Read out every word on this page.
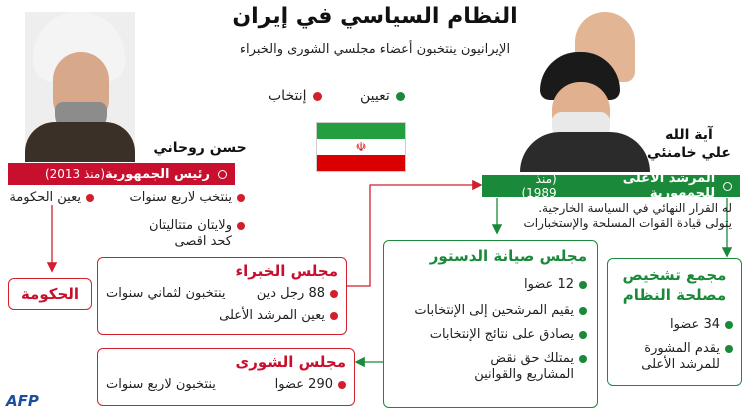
النظام السياسي في إيران
الإيرانيون ينتخبون أعضاء مجلسي الشورى والخبراء
تعيين
إنتخاب
☫
حسن روحاني
آية الله
علي خامنئي
رئيس الجمهورية
(منذ 2013)
ينتخب لاربع سنوات
ولايتان متتاليتان كحد اقصى
يعين الحكومة
الحكومة
المرشد الأعلى للجمهورية
(منذ 1989)
له القرار النهائي في السياسة الخارجية.
يتولى قيادة القوات المسلحة والإستخبارات
مجلس الخبراء
88 رجل دين
ينتخبون لثماني سنوات
يعين المرشد الأعلى
مجلس الشورى
290 عضوا
ينتخبون لاربع سنوات
مجلس صيانة الدستور
12 عضوا
يقيم المرشحين إلى الإنتخابات
يصادق على نتائج الإنتخابات
يمتلك حق نقض المشاريع والقوانين
مجمع تشخيص مصلحة النظام
34 عضوا
يقدم المشورة للمرشد الأعلى
AFP
